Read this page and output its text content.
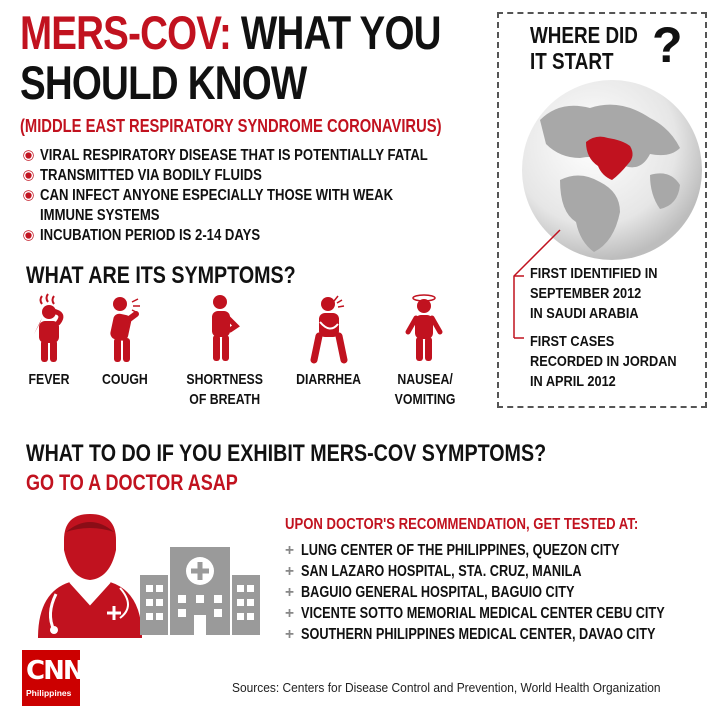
MERS-COV: WHAT YOU
SHOULD KNOW
(MIDDLE EAST RESPIRATORY SYNDROME CORONAVIRUS)
VIRAL RESPIRATORY DISEASE THAT IS POTENTIALLY FATAL
TRANSMITTED VIA BODILY FLUIDS
CAN INFECT ANYONE ESPECIALLY THOSE WITH WEAK
IMMUNE SYSTEMS
INCUBATION PERIOD IS 2-14 DAYS
WHAT ARE ITS SYMPTOMS?
FEVER	COUGH	SHORTNESS
OF BREATH
DIARRHEA	NAUSEA/
VOMITING
WHERE DID
IT START ?
FIRST IDENTIFIED IN
SEPTEMBER 2012
IN SAUDI ARABIA
FIRST CASES
RECORDED IN JORDAN
IN APRIL 2012
WHAT TO DO IF YOU EXHIBIT MERS-COV SYMPTOMS?
GO TO A DOCTOR ASAP
UPON DOCTOR'S RECOMMENDATION, GET TESTED AT:
+ LUNG CENTER OF THE PHILIPPINES, QUEZON CITY
+ SAN LAZARO HOSPITAL, STA. CRUZ, MANILA
+ BAGUIO GENERAL HOSPITAL, BAGUIO CITY
+ VICENTE SOTTO MEMORIAL MEDICAL CENTER CEBU CITY
+ SOUTHERN PHILIPPINES MEDICAL CENTER, DAVAO CITY
CNN
Philippines	Sources: Centers for Disease Control and Prevention, World Health Organization
